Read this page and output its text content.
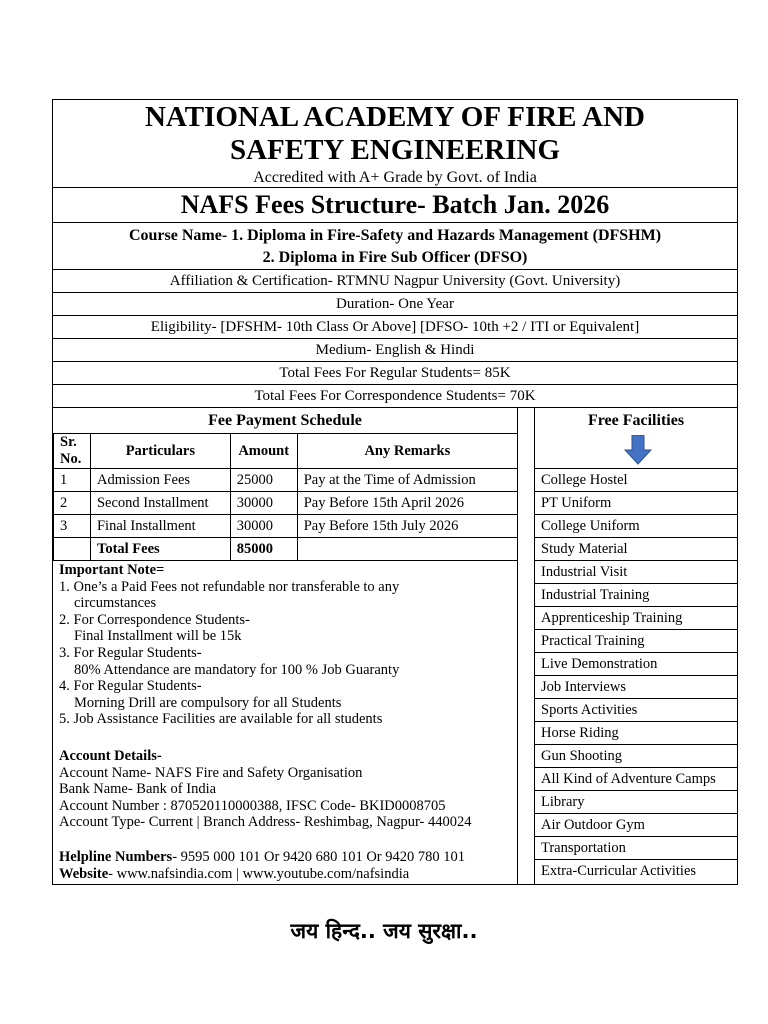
NATIONAL ACADEMY OF FIRE AND
SAFETY ENGINEERING
Accredited with A+ Grade by Govt. of India
NAFS Fees Structure- Batch Jan. 2026
Course Name- 1. Diploma in Fire-Safety and Hazards Management (DFSHM)
2. Diploma in Fire Sub Officer (DFSO)
Affiliation & Certification- RTMNU Nagpur University (Govt. University)
Duration- One Year
Eligibility- [DFSHM- 10th Class Or Above] [DFSO- 10th +2 / ITI or Equivalent]
Medium- English & Hindi
Total Fees For Regular Students= 85K
Total Fees For Correspondence Students= 70K
Fee Payment Schedule	Free Facilities
Sr. No.	Particulars	Amount	Any Remarks
1	Admission Fees	25000	Pay at the Time of Admission
2	Second Installment	30000	Pay Before 15th April 2026
3	Final Installment	30000	Pay Before 15th July 2026
	Total Fees	85000	
Important Note=
1. One’s a Paid Fees not refundable nor transferable to any
circumstances
2. For Correspondence Students-
Final Installment will be 15k
3. For Regular Students-
80% Attendance are mandatory for 100 % Job Guaranty
4. For Regular Students-
Morning Drill are compulsory for all Students
5. Job Assistance Facilities are available for all students
Account Details-
Account Name- NAFS Fire and Safety Organisation
Bank Name- Bank of India
Account Number : 870520110000388, IFSC Code- BKID0008705
Account Type- Current | Branch Address- Reshimbag, Nagpur- 440024
Helpline Numbers- 9595 000 101 Or 9420 680 101 Or 9420 780 101
Website- www.nafsindia.com | www.youtube.com/nafsindia
College Hostel
PT Uniform
College Uniform
Study Material
Industrial Visit
Industrial Training
Apprenticeship Training
Practical Training
Live Demonstration
Job Interviews
Sports Activities
Horse Riding
Gun Shooting
All Kind of Adventure Camps
Library
Air Outdoor Gym
Transportation
Extra-Curricular Activities
जय हिन्द.. जय सुरक्षा..
